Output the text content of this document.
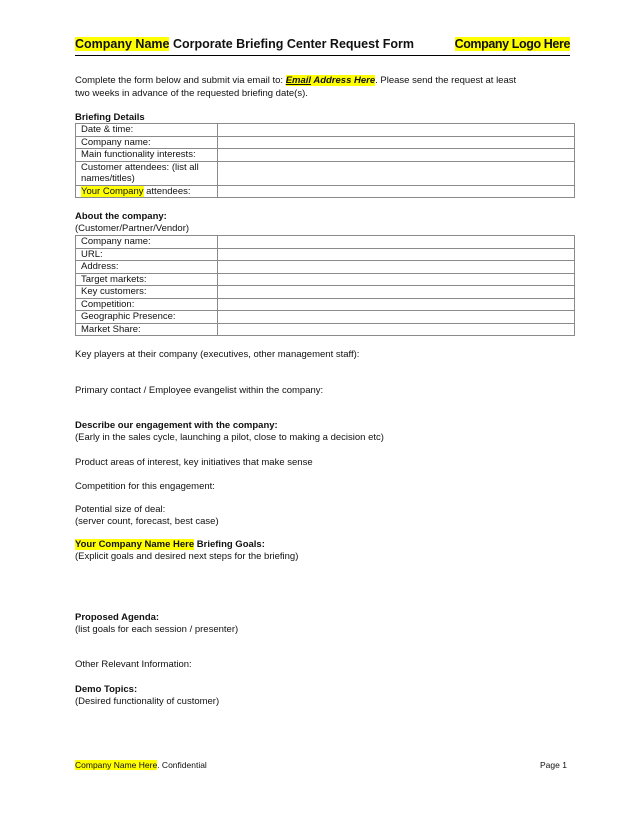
Company Name Corporate Briefing Center Request Form	Company Logo Here
Complete the form below and submit via email to: Email Address Here. Please send the request at least
two weeks in advance of the requested briefing date(s).
Briefing Details
Date & time:	
Company name:	
Main functionality interests:	
Customer attendees: (list all
names/titles)	
Your Company attendees:	
About the company:
(Customer/Partner/Vendor)
Company name:	
URL:	
Address:	
Target markets:	
Key customers:	
Competition:	
Geographic Presence:	
Market Share:	
Key players at their company (executives, other management staff):
Primary contact / Employee evangelist within the company:
Describe our engagement with the company:
(Early in the sales cycle, launching a pilot, close to making a decision etc)
Product areas of interest, key initiatives that make sense
Competition for this engagement:
Potential size of deal:
(server count, forecast, best case)
Your Company Name Here Briefing Goals:
(Explicit goals and desired next steps for the briefing)
Proposed Agenda:
(list goals for each session / presenter)
Other Relevant Information:
Demo Topics:
(Desired functionality of customer)
Company Name Here. Confidential	Page 1
